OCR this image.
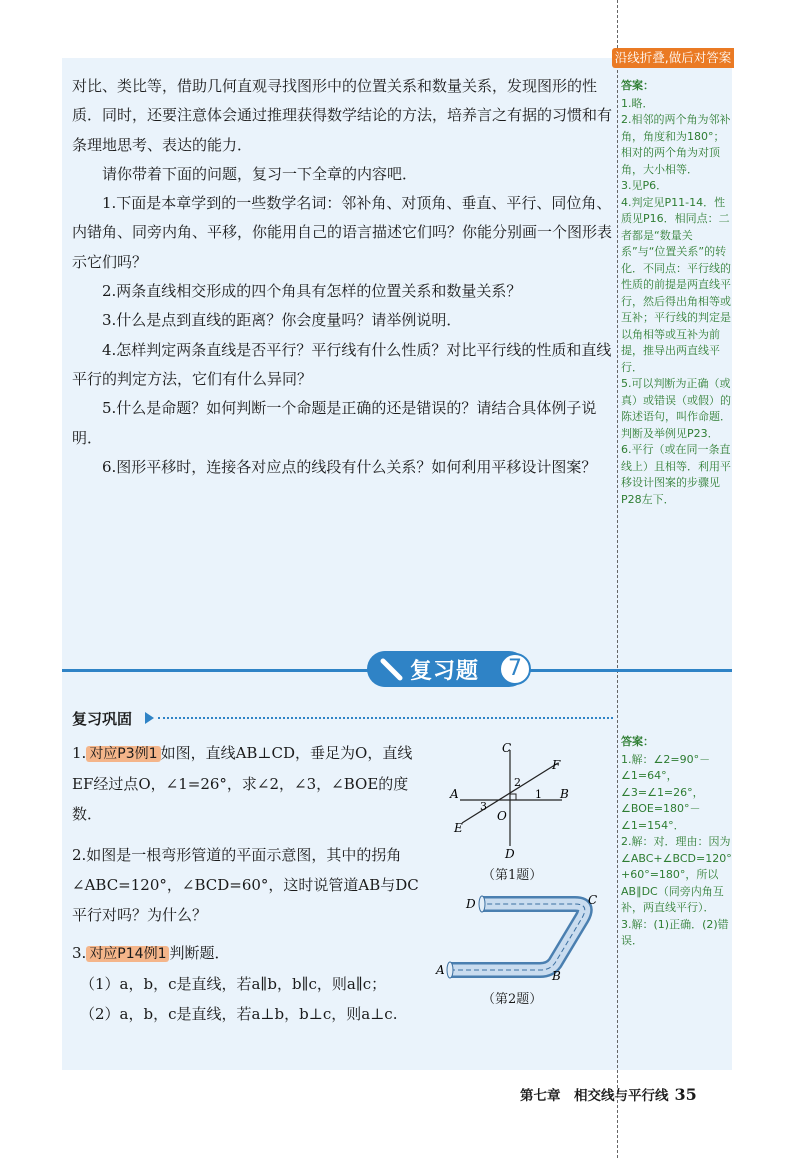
沿线折叠,做后对答案

对比、类比等，借助几何直观寻找图形中的位置关系和数量关系，发现图形的性质．同时，还要注意体会通过推理获得数学结论的方法，培养言之有据的习惯和有条理地思考、表达的能力．

请你带着下面的问题，复习一下全章的内容吧．

1.下面是本章学到的一些数学名词：邻补角、对顶角、垂直、平行、同位角、内错角、同旁内角、平移，你能用自己的语言描述它们吗？你能分别画一个图形表示它们吗？

2.两条直线相交形成的四个角具有怎样的位置关系和数量关系？

3.什么是点到直线的距离？你会度量吗？请举例说明．

4.怎样判定两条直线是否平行？平行线有什么性质？对比平行线的性质和直线平行的判定方法，它们有什么异同？

5.什么是命题？如何判断一个命题是正确的还是错误的？请结合具体例子说明．

6.图形平移时，连接各对应点的线段有什么关系？如何利用平移设计图案？

答案：

1.略．

2.相邻的两个角为邻补角，角度和为180°；相对的两个角为对顶角，大小相等．

3.见P6．

4.判定见P11-14．性质见P16．相同点：二者都是“数量关系”与“位置关系”的转化．不同点：平行线的性质的前提是两直线平行，然后得出角相等或互补；平行线的判定是以角相等或互补为前提，推导出两直线平行．

5.可以判断为正确（或真）或错误（或假）的陈述语句，叫作命题．判断及举例见P23．

6.平行（或在同一条直线上）且相等．利用平移设计图案的步骤见P28左下．

复习题	7
复习巩固

1. 对应P3例1 如图，直线AB⊥CD，垂足为O，直线EF经过点O，∠1=26°，求∠2，∠3，∠BOE的度数．

2.如图是一根弯形管道的平面示意图，其中的拐角∠ABC=120°，∠BCD=60°，这时说管道AB与DC平行对吗？为什么？

3. 对应P14例1 判断题．

（1）a，b，c是直线，若a∥b，b∥c，则a∥c；

（2）a，b，c是直线，若a⊥b，b⊥c，则a⊥c.

C
D
A	B
E
F
O
1
2
3
（第1题）
A	B
C
D
（第2题）
答案：

1.解：∠2=90°－∠1=64°，∠3=∠1=26°，∠BOE=180°－∠1=154°．

2.解：对．理由：因为∠ABC+∠BCD=120°+60°=180°，所以AB∥DC（同旁内角互补，两直线平行）．

3.解：(1)正确．(2)错误．

第七章　相交线与平行线 35
